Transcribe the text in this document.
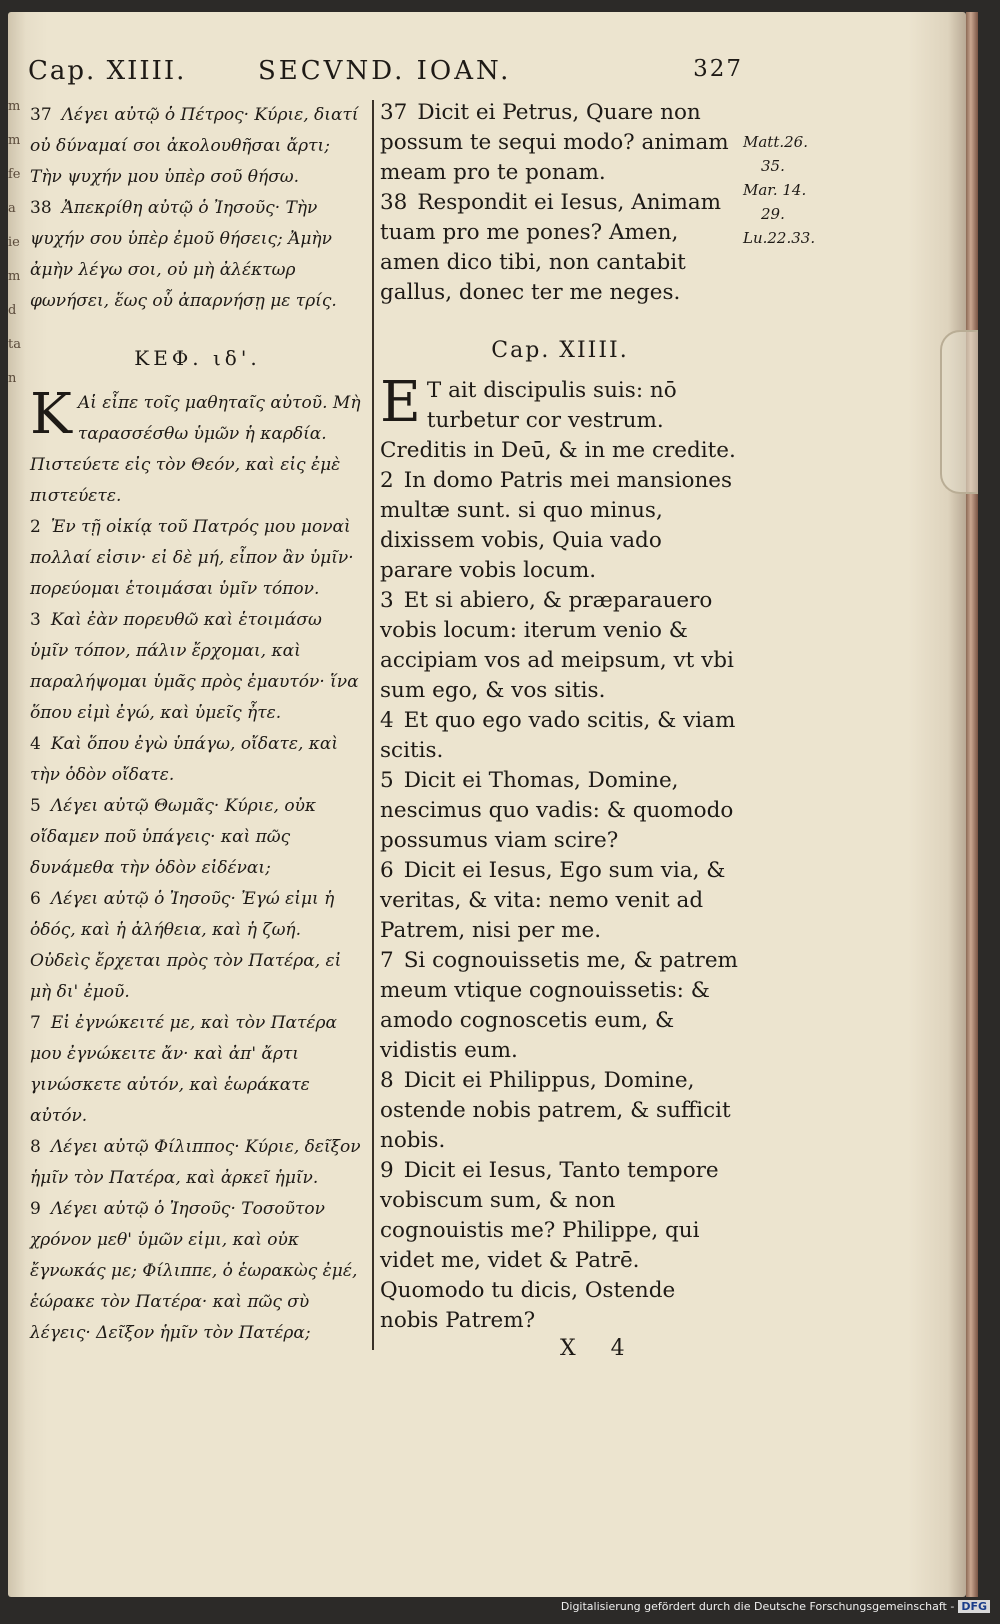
m
m
fe
a
ie
m
d
ta
n
Cap. XIIII.	SECVND. IOAN.	327

37 Λέγει αὐτῷ ὁ Πέτρος· Κύριε, διατί οὐ δύναμαί σοι ἀκολουθῆσαι ἄρτι; Τὴν ψυχήν μου ὑπὲρ σοῦ θήσω.

38 Ἀπεκρίθη αὐτῷ ὁ Ἰησοῦς· Τὴν ψυχήν σου ὑπὲρ ἐμοῦ θήσεις; Ἀμὴν ἀμὴν λέγω σοι, οὐ μὴ ἀλέκτωρ φωνήσει, ἕως οὗ ἀπαρνήσῃ με τρίς.

ΚΕΦ. ιδ'.

K Αἱ εἶπε τοῖς μαθηταῖς αὐτοῦ. Μὴ ταρασσέσθω ὑμῶν ἡ καρδία. Πιστεύετε εἰς τὸν Θεόν, καὶ εἰς ἐμὲ πιστεύετε.

2 Ἐν τῇ οἰκίᾳ τοῦ Πατρός μου μοναὶ πολλαί εἰσιν· εἰ δὲ μή, εἶπον ἂν ὑμῖν· πορεύομαι ἑτοιμάσαι ὑμῖν τόπον.

3 Καὶ ἐὰν πορευθῶ καὶ ἑτοιμάσω ὑμῖν τόπον, πάλιν ἔρχομαι, καὶ παραλήψομαι ὑμᾶς πρὸς ἐμαυτόν· ἵνα ὅπου εἰμὶ ἐγώ, καὶ ὑμεῖς ἦτε.

4 Καὶ ὅπου ἐγὼ ὑπάγω, οἴδατε, καὶ τὴν ὁδὸν οἴδατε.

5 Λέγει αὐτῷ Θωμᾶς· Κύριε, οὐκ οἴδαμεν ποῦ ὑπάγεις· καὶ πῶς δυνάμεθα τὴν ὁδὸν εἰδέναι;

6 Λέγει αὐτῷ ὁ Ἰησοῦς· Ἐγώ εἰμι ἡ ὁδός, καὶ ἡ ἀλήθεια, καὶ ἡ ζωή. Οὐδεὶς ἔρχεται πρὸς τὸν Πατέρα, εἰ μὴ δι' ἐμοῦ.

7 Εἰ ἐγνώκειτέ με, καὶ τὸν Πατέρα μου ἐγνώκειτε ἄν· καὶ ἀπ' ἄρτι γινώσκετε αὐτόν, καὶ ἑωράκατε αὐτόν.

8 Λέγει αὐτῷ Φίλιππος· Κύριε, δεῖξον ἡμῖν τὸν Πατέρα, καὶ ἀρκεῖ ἡμῖν.

9 Λέγει αὐτῷ ὁ Ἰησοῦς· Τοσοῦτον χρόνον μεθ' ὑμῶν εἰμι, καὶ οὐκ ἔγνωκάς με; Φίλιππε, ὁ ἑωρακὼς ἐμέ, ἑώρακε τὸν Πατέρα· καὶ πῶς σὺ λέγεις· Δεῖξον ἡμῖν τὸν Πατέρα;

37 Dicit ei Petrus, Quare non possum te sequi modo? animam meam pro te ponam.

38 Respondit ei Iesus, Animam tuam pro me pones? Amen, amen dico tibi, non cantabit gallus, donec ter me neges.

Cap. XIIII.

E T ait discipulis suis: nō turbetur cor vestrum. Creditis in Deū, & in me credite.

2 In domo Patris mei mansiones multæ sunt. si quo minus, dixissem vobis, Quia vado parare vobis locum.

3 Et si abiero, & præparauero vobis locum: iterum venio & accipiam vos ad meipsum, vt vbi sum ego, & vos sitis.

4 Et quo ego vado scitis, & viam scitis.

5 Dicit ei Thomas, Domine, nescimus quo vadis: & quomodo possumus viam scire?

6 Dicit ei Iesus, Ego sum via, & veritas, & vita: nemo venit ad Patrem, nisi per me.

7 Si cognouissetis me, & patrem meum vtique cognouissetis: & amodo cognoscetis eum, & vidistis eum.

8 Dicit ei Philippus, Domine, ostende nobis patrem, & sufficit nobis.

9 Dicit ei Iesus, Tanto tempore vobiscum sum, & non cognouistis me? Philippe, qui videt me, videt & Patrē. Quomodo tu dicis, Ostende nobis Patrem?

Matt.26.
35.
Mar. 14.
29.
Lu.22.33.
X 4
Digitalisierung gefördert durch die Deutsche Forschungsgemeinschaft - DFG
